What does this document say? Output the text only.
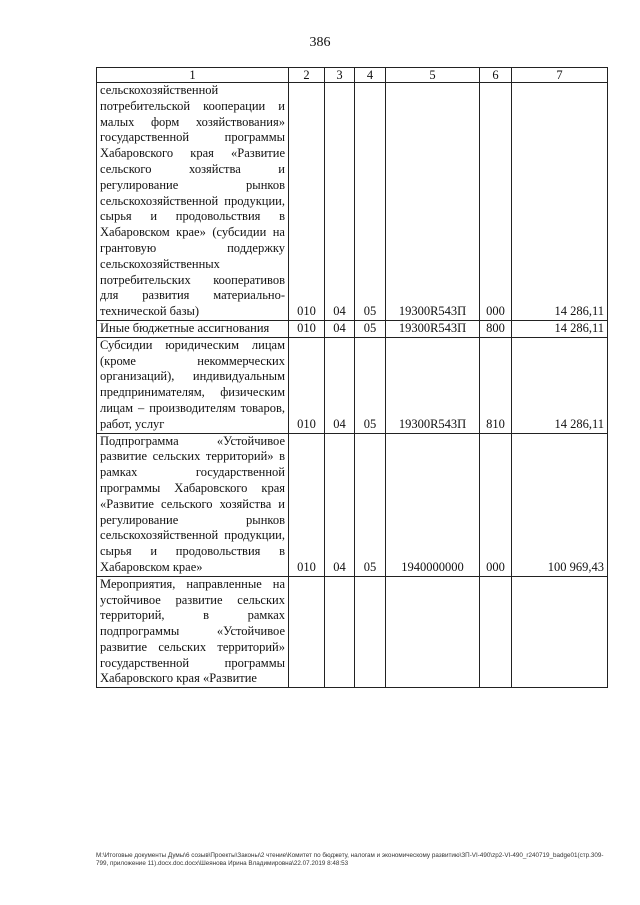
386
1	2	3	4	5	6	7
сельскохозяйственной потребительской кооперации и малых форм хозяйствования» государственной программы Хабаровского края «Развитие сельского хозяйства и регулирование рынков сельскохозяйственной продукции, сырья и продовольствия в Хабаровском крае» (субсидии на грантовую поддержку сельскохозяйственных потребительских кооперативов для развития материально-технической базы)	010	04	05	19300R543П	000	14 286,11
Иные бюджетные ассигнования	010	04	05	19300R543П	800	14 286,11
Субсидии юридическим лицам (кроме некоммерческих организаций), индивидуальным предпринимателям, физическим лицам – производителям товаров, работ, услуг	010	04	05	19300R543П	810	14 286,11
Подпрограмма «Устойчивое развитие сельских территорий» в рамках государственной программы Хабаровского края «Развитие сельского хозяйства и регулирование рынков сельскохозяйственной продукции, сырья и продовольствия в Хабаровском крае»	010	04	05	1940000000	000	100 969,43
Мероприятия, направленные на устойчивое развитие сельских территорий, в рамках подпрограммы «Устойчивое развитие сельских территорий» государственной программы Хабаровского края «Развитие						
М:\Итоговые документы Думы\6 созыв\Проекты\Законы\2 чтение\Комитет по бюджету, налогам и экономическому развитию\ЗП-VI-490\zp2-VI-490_r240719_badge01(стр.309-799, приложение 11).docx.doc.docx\Шеянова Ирина Владимировна\22.07.2019 8:48:53
